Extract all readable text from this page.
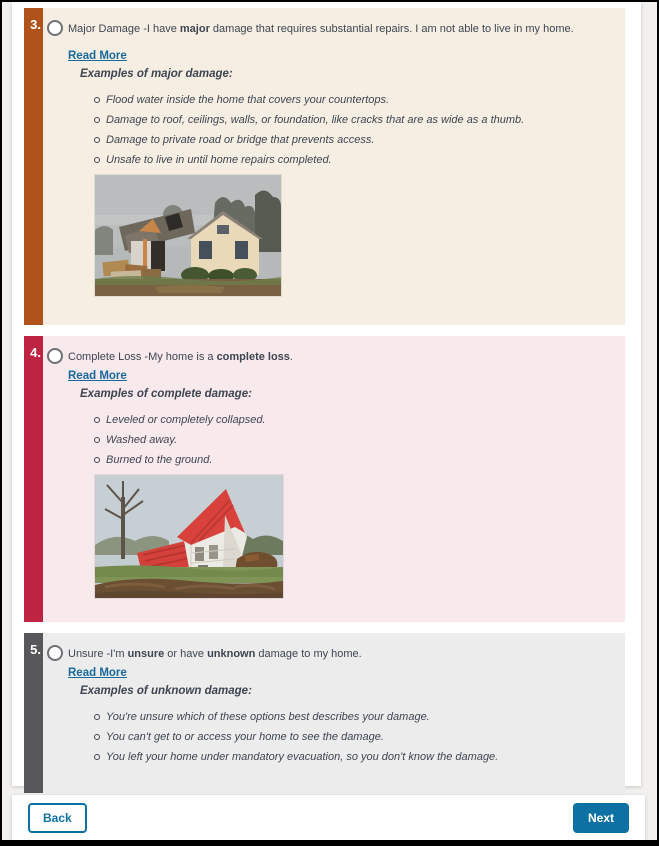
3. Major Damage -I have major damage that requires substantial repairs. I am not able to live in my home.
Read More
Examples of major damage:
Flood water inside the home that covers your countertops.
Damage to roof, ceilings, walls, or foundation, like cracks that are as wide as a thumb.
Damage to private road or bridge that prevents access.
Unsafe to live in until home repairs completed.
4. Complete Loss -My home is a complete loss.
Read More
Examples of complete damage:
Leveled or completely collapsed.
Washed away.
Burned to the ground.
5. Unsure -I'm unsure or have unknown damage to my home.
Read More
Examples of unknown damage:
You're unsure which of these options best describes your damage.
You can't get to or access your home to see the damage.
You left your home under mandatory evacuation, so you don't know the damage.
Back	Next
